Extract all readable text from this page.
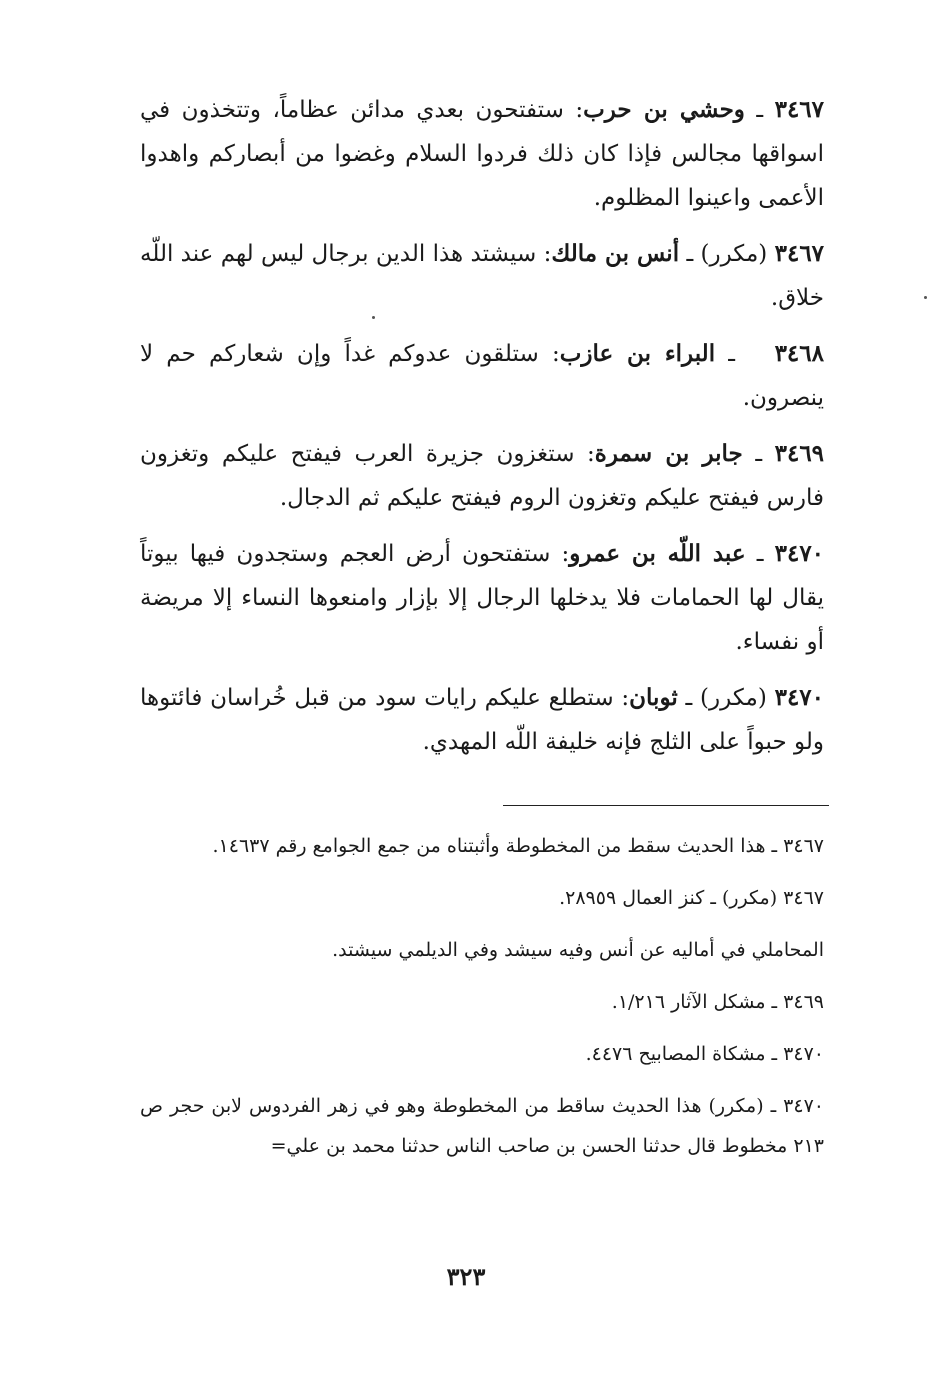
٣٤٦٧ ـ وحشي بن حرب: ستفتحون بعدي مدائن عظاماً، وتتخذون في اسواقها مجالس فإذا كان ذلك فردوا السلام وغضوا من أبصاركم واهدوا الأعمى واعينوا المظلوم.

٣٤٦٧ (مكرر) ـ أنس بن مالك: سيشتد هذا الدين برجال ليس لهم عند اللّه خلاق.

٣٤٦٨   ـ البراء بن عازب: ستلقون عدوكم غداً وإن شعاركم حم لا ينصرون.

٣٤٦٩ ـ جابر بن سمرة: ستغزون جزيرة العرب فيفتح عليكم وتغزون فارس فيفتح عليكم وتغزون الروم فيفتح عليكم ثم الدجال.

٣٤٧٠ ـ عبد اللّه بن عمرو: ستفتحون أرض العجم وستجدون فيها بيوتاً يقال لها الحمامات فلا يدخلها الرجال إلا بإزار وامنعوها النساء إلا مريضة أو نفساء.

٣٤٧٠ (مكرر) ـ ثوبان: ستطلع عليكم رايات سود من قبل خُراسان فائتوها ولو حبواً على الثلج فإنه خليفة اللّه المهدي.

٣٤٦٧ ـ هذا الحديث سقط من المخطوطة وأثبتناه من جمع الجوامع رقم ١٤٦٣٧.

٣٤٦٧ (مكرر) ـ كنز العمال ٢٨٩٥٩.

المحاملي في أماليه عن أنس وفيه سيشد وفي الديلمي سيشتد.

٣٤٦٩ ـ مشكل الآثار ١/٢١٦.

٣٤٧٠ ـ مشكاة المصابيح ٤٤٧٦.

٣٤٧٠ ـ (مكرر) هذا الحديث ساقط من المخطوطة وهو في زهر الفردوس لابن حجر ص ٢١٣ مخطوط قال حدثنا الحسن بن صاحب الناس حدثنا محمد بن علي=

٣٢٣
